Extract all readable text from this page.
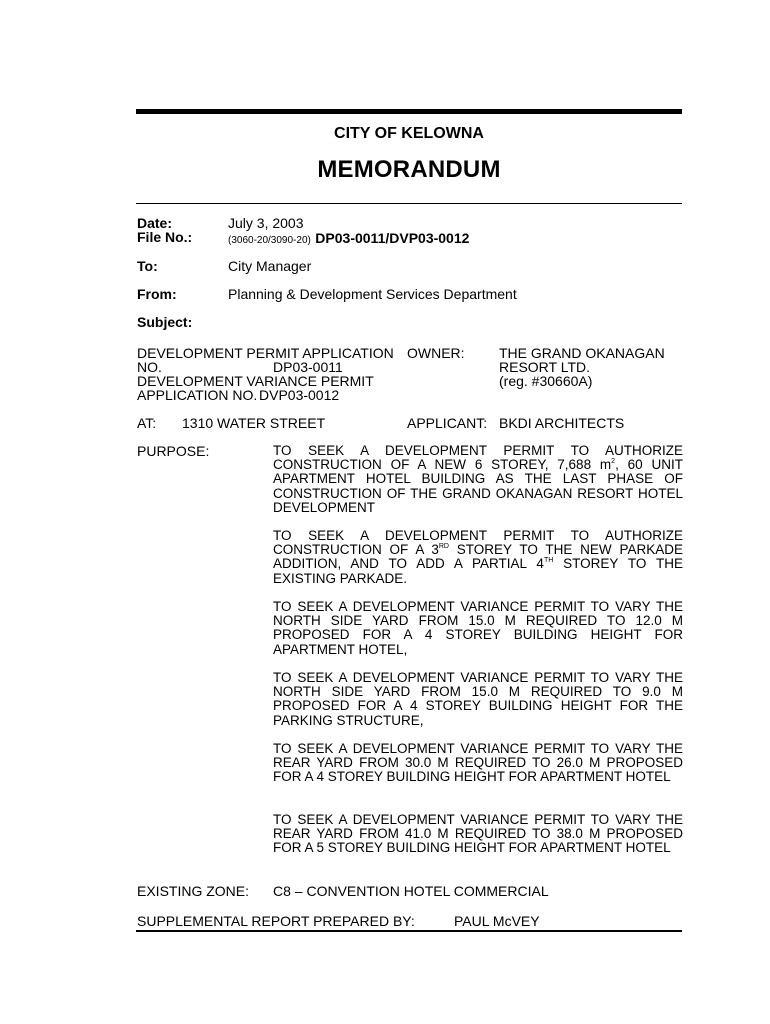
CITY OF KELOWNA
MEMORANDUM
Date:	July 3, 2003
File No.:	(3060-20/3090-20) DP03-0011/DVP03-0012
To:	City Manager
From:	Planning & Development Services Department
Subject:
DEVELOPMENT PERMIT APPLICATION
NO.	DP03-0011
DEVELOPMENT VARIANCE PERMIT
APPLICATION NO. DVP03-0012
OWNER: THE GRAND OKANAGAN
RESORT LTD.
(reg. #30660A)
AT: 1310 WATER STREET	APPLICANT: BKDI ARCHITECTS
PURPOSE:	TO SEEK A DEVELOPMENT PERMIT TO AUTHORIZE CONSTRUCTION OF A NEW 6 STOREY, 7,688 $m^2$, 60 UNIT APARTMENT HOTEL BUILDING AS THE LAST PHASE OF CONSTRUCTION OF THE GRAND OKANAGAN RESORT HOTEL DEVELOPMENT
TO SEEK A DEVELOPMENT PERMIT TO AUTHORIZE CONSTRUCTION OF A 3RD STOREY TO THE NEW PARKADE ADDITION, AND TO ADD A PARTIAL 4TH STOREY TO THE EXISTING PARKADE.
TO SEEK A DEVELOPMENT VARIANCE PERMIT TO VARY THE NORTH SIDE YARD FROM 15.0 M REQUIRED TO 12.0 M PROPOSED FOR A 4 STOREY BUILDING HEIGHT FOR APARTMENT HOTEL,
TO SEEK A DEVELOPMENT VARIANCE PERMIT TO VARY THE NORTH SIDE YARD FROM 15.0 M REQUIRED TO 9.0 M PROPOSED FOR A 4 STOREY BUILDING HEIGHT FOR THE PARKING STRUCTURE,
TO SEEK A DEVELOPMENT VARIANCE PERMIT TO VARY THE REAR YARD FROM 30.0 M REQUIRED TO 26.0 M PROPOSED FOR A 4 STOREY BUILDING HEIGHT FOR APARTMENT HOTEL
TO SEEK A DEVELOPMENT VARIANCE PERMIT TO VARY THE REAR YARD FROM 41.0 M REQUIRED TO 38.0 M PROPOSED FOR A 5 STOREY BUILDING HEIGHT FOR APARTMENT HOTEL
EXISTING ZONE: C8 – CONVENTION HOTEL COMMERCIAL
SUPPLEMENTAL REPORT PREPARED BY:	PAUL McVEY
